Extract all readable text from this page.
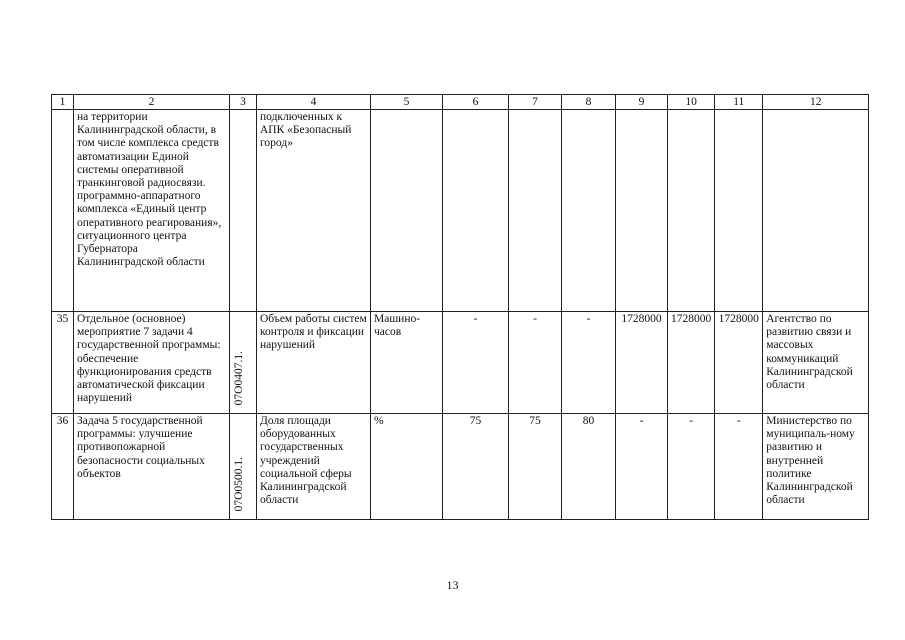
1	2	3	4	5	6	7	8	9	10	11	12
	на территории Калининградской области, в том числе комплекса средств автоматизации Единой системы оперативной транкинговой радиосвязи. программно-аппаратного комплекса «Единый центр оперативного реагирования», ситуационного центра Губернатора Калининградской области		подключенных к АПК «Безопасный город»								
35	Отдельное (основное) мероприятие 7 задачи 4 государственной программы: обеспечение функционирования средств автоматической фиксации нарушений	07О0407.1.	Объем работы систем контроля и фиксации нарушений	Машино-часов	-	-	-	1728000	1728000	1728000	Агентство по развитию связи и массовых коммуникаций Калининградской области
36	Задача 5 государственной программы: улучшение противопожарной безопасности социальных объектов	07О0500.1.	Доля площади оборудованных государственных учреждений социальной сферы Калининградской области	%	75	75	80	-	-	-	Министерство по муниципаль-ному развитию и внутренней политике Калининградской области
13
